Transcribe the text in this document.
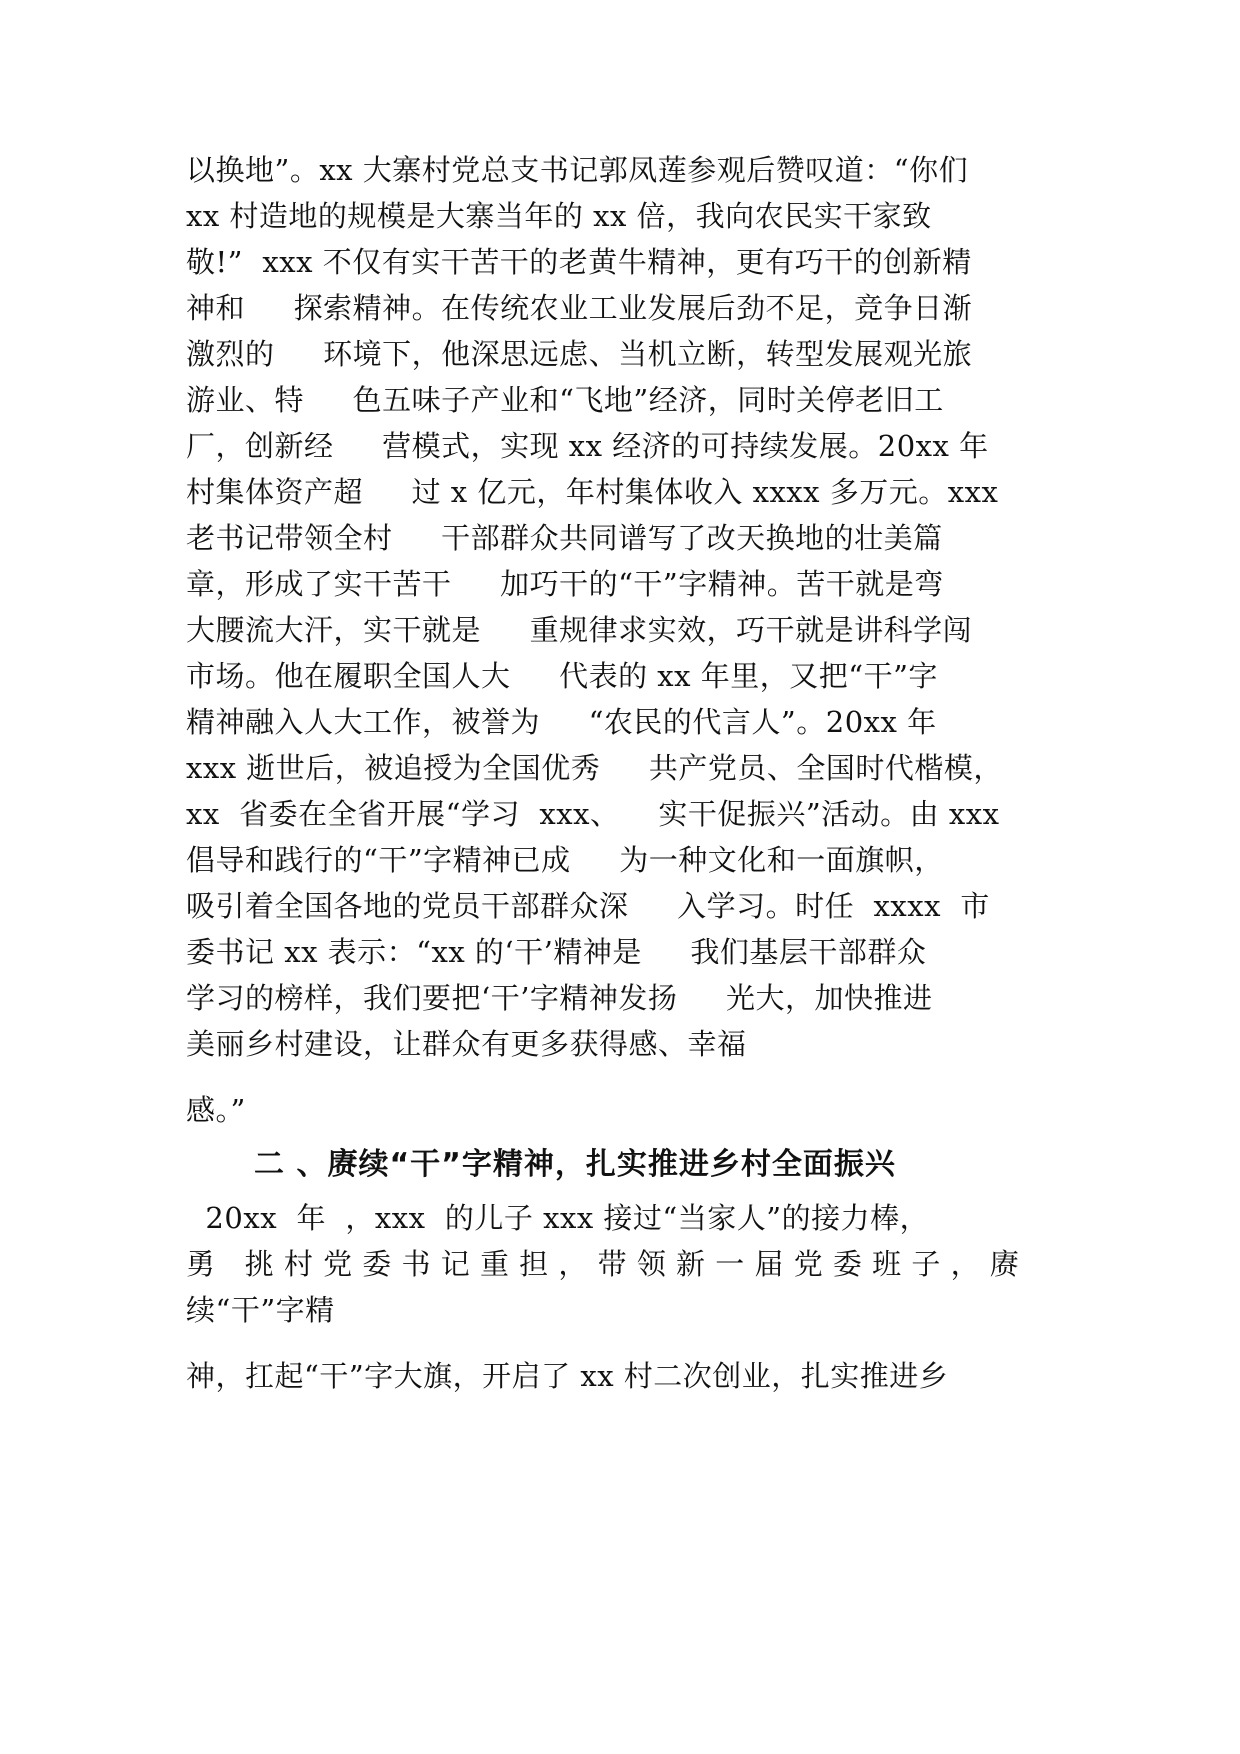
以换地”。xx 大寨村党总支书记郭凤莲参观后赞叹道：“你们
xx 村造地的规模是大寨当年的 xx 倍，我向农民实干家致
敬!”  xxx 不仅有实干苦干的老黄牛精神，更有巧干的创新精
神和     探索精神。在传统农业工业发展后劲不足，竞争日渐
激烈的     环境下，他深思远虑、当机立断，转型发展观光旅
游业、特     色五味子产业和“飞地”经济，同时关停老旧工
厂，创新经     营模式，实现 xx 经济的可持续发展。20xx 年
村集体资产超     过 x 亿元，年村集体收入 xxxx 多万元。xxx
老书记带领全村     干部群众共同谱写了改天换地的壮美篇
章，形成了实干苦干     加巧干的“干”字精神。苦干就是弯
大腰流大汗，实干就是     重规律求实效，巧干就是讲科学闯
市场。他在履职全国人大     代表的 xx 年里，又把“干”字
精神融入人大工作，被誉为     “农民的代言人”。20xx 年
xxx 逝世后，被追授为全国优秀     共产党员、全国时代楷模，
xx  省委在全省开展“学习  xxx、    实干促振兴”活动。由 xxx
倡导和践行的“干”字精神已成     为一种文化和一面旗帜，
吸引着全国各地的党员干部群众深     入学习。时任  xxxx  市
委书记 xx 表示：“xx 的‘干’精神是     我们基层干部群众
学习的榜样，我们要把‘干’字精神发扬     光大，加快推进
美丽乡村建设，让群众有更多获得感、幸福
感。”
二 、赓续“干”字精神，扎实推进乡村全面振兴
20xx  年  ，xxx  的儿子 xxx 接过“当家人”的接力棒，
勇   挑 村 党 委 书 记 重 担 ， 带 领 新 一 届 党 委 班 子 ， 赓
续“干”字精
神，扛起“干”字大旗，开启了 xx 村二次创业，扎实推进乡
